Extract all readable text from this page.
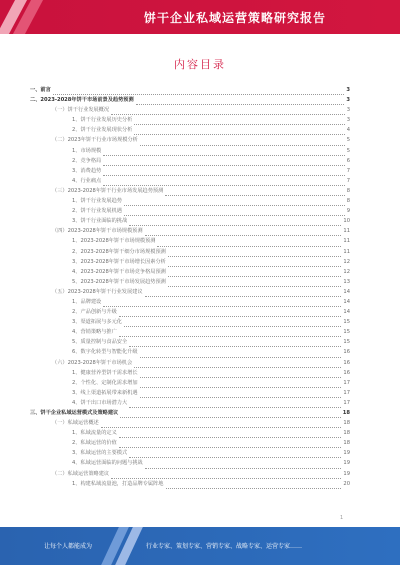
饼干企业私域运营策略研究报告
内容目录
一、前言	3
二、2023-2028年饼干市场前景及趋势预测	3
（一）饼干行业发展概况	3
1、饼干行业发展历史分析	3
2、饼干行业发展现状分析	4
（二）2023年饼干行业市场规模分析	5
1、市场规模	5
2、竞争格局	6
3、消费趋势	7
4、行业痛点	7
（三）2023-2028年饼干行业市场发展趋势预测	8
1、饼干行业发展趋势	8
2、饼干行业发展机遇	9
3、饼干行业面临的挑战	10
（四）2023-2028年饼干市场规模预测	11
1、2023-2028年饼干市场规模预测	11
2、2023-2028年饼干细分市场规模预测	11
3、2023-2028年饼干市场增长因素分析	12
4、2023-2028年饼干市场竞争格局预测	12
5、2023-2028年饼干市场发展趋势预测	13
（五）2023-2028年饼干行业发展建议	14
1、品牌建设	14
2、产品创新与升级	14
3、渠道拓展与多元化	15
4、营销策略与推广	15
5、质量控制与食品安全	15
6、数字化转型与智能化升级	16
（六）2023-2028年饼干市场机会	16
1、健康营养型饼干需求增长	16
2、个性化、定制化需求增加	17
3、线上渠道拓展带来新机遇	17
4、饼干出口市场潜力大	17
三、饼干企业私域运营模式及策略建议	18
（一）私域运营概述	18
1、私域流量的定义	18
2、私域运营的价值	18
3、私域运营的主要模式	19
4、私域运营面临的问题与挑战	19
（二）私域运营策略建议	19
1、构建私域流量池，打造品牌专属阵地	20
1
让每个人都能成为	行业专家、策划专家、营销专家、战略专家、运营专家……
